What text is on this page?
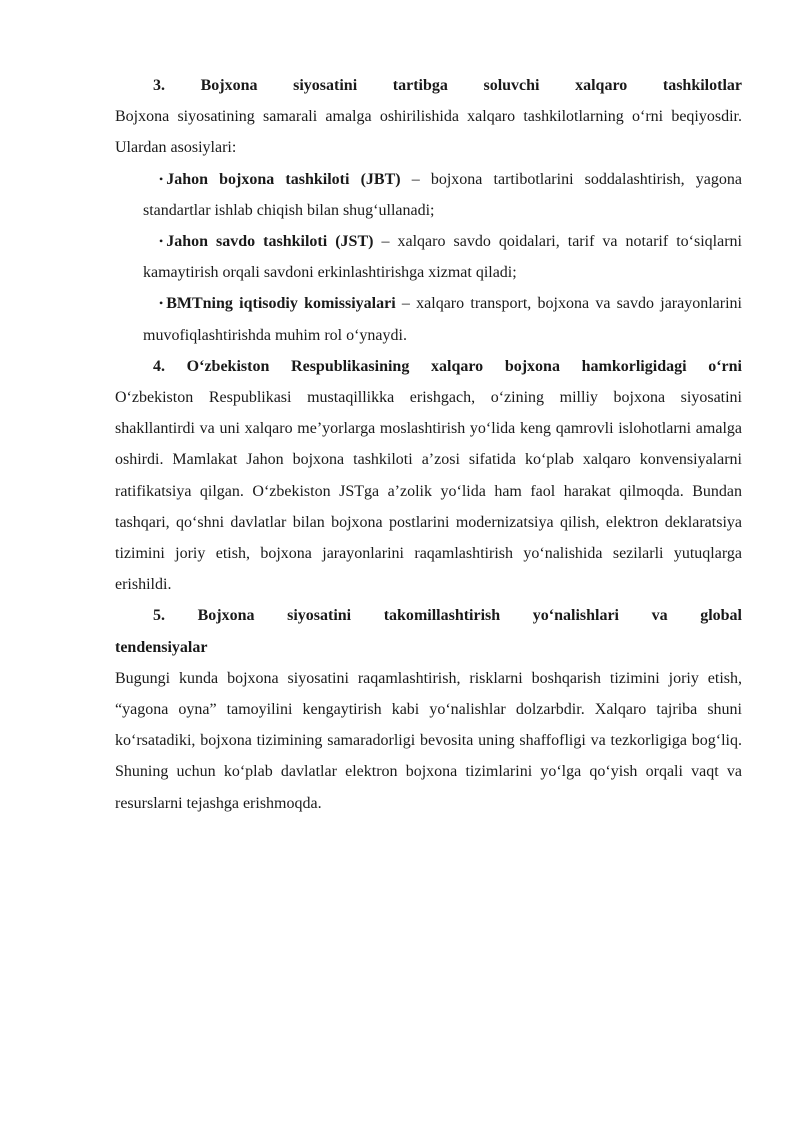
3. Bojxona siyosatini tartibga soluvchi xalqaro tashkilotlar

Bojxona siyosatining samarali amalga oshirilishida xalqaro tashkilotlarning o‘rni beqiyosdir. Ulardan asosiylari:

• Jahon bojxona tashkiloti (JBT) – bojxona tartibotlarini soddalashtirish, yagona standartlar ishlab chiqish bilan shug‘ullanadi;

• Jahon savdo tashkiloti (JST) – xalqaro savdo qoidalari, tarif va notarif to‘siqlarni kamaytirish orqali savdoni erkinlashtirishga xizmat qiladi;

• BMTning iqtisodiy komissiyalari – xalqaro transport, bojxona va savdo jarayonlarini muvofiqlashtirishda muhim rol o‘ynaydi.

4. O‘zbekiston Respublikasining xalqaro bojxona hamkorligidagi o‘rni

O‘zbekiston Respublikasi mustaqillikka erishgach, o‘zining milliy bojxona siyosatini shakllantirdi va uni xalqaro me’yorlarga moslashtirish yo‘lida keng qamrovli islohotlarni amalga oshirdi. Mamlakat Jahon bojxona tashkiloti a’zosi sifatida ko‘plab xalqaro konvensiyalarni ratifikatsiya qilgan. O‘zbekiston JSTga a’zolik yo‘lida ham faol harakat qilmoqda. Bundan tashqari, qo‘shni davlatlar bilan bojxona postlarini modernizatsiya qilish, elektron deklaratsiya tizimini joriy etish, bojxona jarayonlarini raqamlashtirish yo‘nalishida sezilarli yutuqlarga erishildi.

5. Bojxona siyosatini takomillashtirish yo‘nalishlari va global

tendensiyalar

Bugungi kunda bojxona siyosatini raqamlashtirish, risklarni boshqarish tizimini joriy etish, “yagona oyna” tamoyilini kengaytirish kabi yo‘nalishlar dolzarbdir. Xalqaro tajriba shuni ko‘rsatadiki, bojxona tizimining samaradorligi bevosita uning shaffofligi va tezkorligiga bog‘liq. Shuning uchun ko‘plab davlatlar elektron bojxona tizimlarini yo‘lga qo‘yish orqali vaqt va resurslarni tejashga erishmoqda.
